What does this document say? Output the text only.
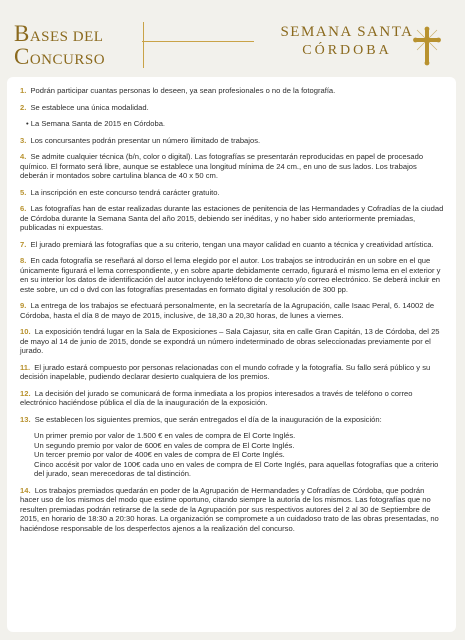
BASES DEL
CONCURSO
SEMANA SANTA
CÓRDOBA
1. Podrán participar cuantas personas lo deseen, ya sean profesionales o no de la fotografía.
2. Se establece una única modalidad.
• La Semana Santa de 2015 en Córdoba.
3. Los concursantes podrán presentar un número ilimitado de trabajos.
4. Se admite cualquier técnica (b/n, color o digital). Las fotografías se presentarán reproducidas en papel de procesado químico. El formato será libre, aunque se establece una longitud mínima de 24 cm., en uno de sus lados. Los trabajos deberán ir montados sobre cartulina blanca de 40 x 50 cm.
5. La inscripción en este concurso tendrá carácter gratuito.
6. Las fotografías han de estar realizadas durante las estaciones de penitencia de las Hermandades y Cofradías de la ciudad de Córdoba durante la Semana Santa del año 2015, debiendo ser inéditas, y no haber sido anteriormente premiadas, publicadas ni expuestas.
7. El jurado premiará las fotografías que a su criterio, tengan una mayor calidad en cuanto a técnica y creatividad artística.
8. En cada fotografía se reseñará al dorso el lema elegido por el autor. Los trabajos se introducirán en un sobre en el que únicamente figurará el lema correspondiente, y en sobre aparte debidamente cerrado, figurará el mismo lema en el exterior y en su interior los datos de identificación del autor incluyendo teléfono de contacto y/o correo electrónico. Se deberá incluir en este sobre, un cd o dvd con las fotografías presentadas en formato digital y resolución de 300 pp.
9. La entrega de los trabajos se efectuará personalmente, en la secretaría de la Agrupación, calle Isaac Peral, 6. 14002 de Córdoba, hasta el día 8 de mayo de 2015, inclusive, de 18,30 a 20,30 horas, de lunes a viernes.
10. La exposición tendrá lugar en la Sala de Exposiciones – Sala Cajasur, sita en calle Gran Capitán, 13 de Córdoba, del 25 de mayo al 14 de junio de 2015, donde se expondrá un número indeterminado de obras seleccionadas previamente por el jurado.
11. El jurado estará compuesto por personas relacionadas con el mundo cofrade y la fotografía. Su fallo será público y su decisión inapelable, pudiendo declarar desierto cualquiera de los premios.
12. La decisión del jurado se comunicará de forma inmediata a los propios interesados a través de teléfono o correo electrónico haciéndose pública el día de la inauguración de la exposición.
13. Se establecen los siguientes premios, que serán entregados el día de la inauguración de la exposición:

Un primer premio por valor de 1.500 € en vales de compra de El Corte Inglés.

Un segundo premio por valor de 600€ en vales de compra de El Corte Inglés.

Un tercer premio por valor de 400€ en vales de compra de El Corte Inglés.

Cinco accésit por valor de 100€ cada uno en vales de compra de El Corte Inglés, para aquellas fotografías que a criterio del jurado, sean merecedoras de tal distinción.

14. Los trabajos premiados quedarán en poder de la Agrupación de Hermandades y Cofradías de Córdoba, que podrán hacer uso de los mismos del modo que estime oportuno, citando siempre la autoría de los mismos. Las fotografías que no resulten premiadas podrán retirarse de la sede de la Agrupación por sus respectivos autores del 2 al 30 de Septiembre de 2015, en horario de 18:30 a 20:30 horas. La organización se compromete a un cuidadoso trato de las obras presentadas, no haciéndose responsable de los desperfectos ajenos a la realización del concurso.
